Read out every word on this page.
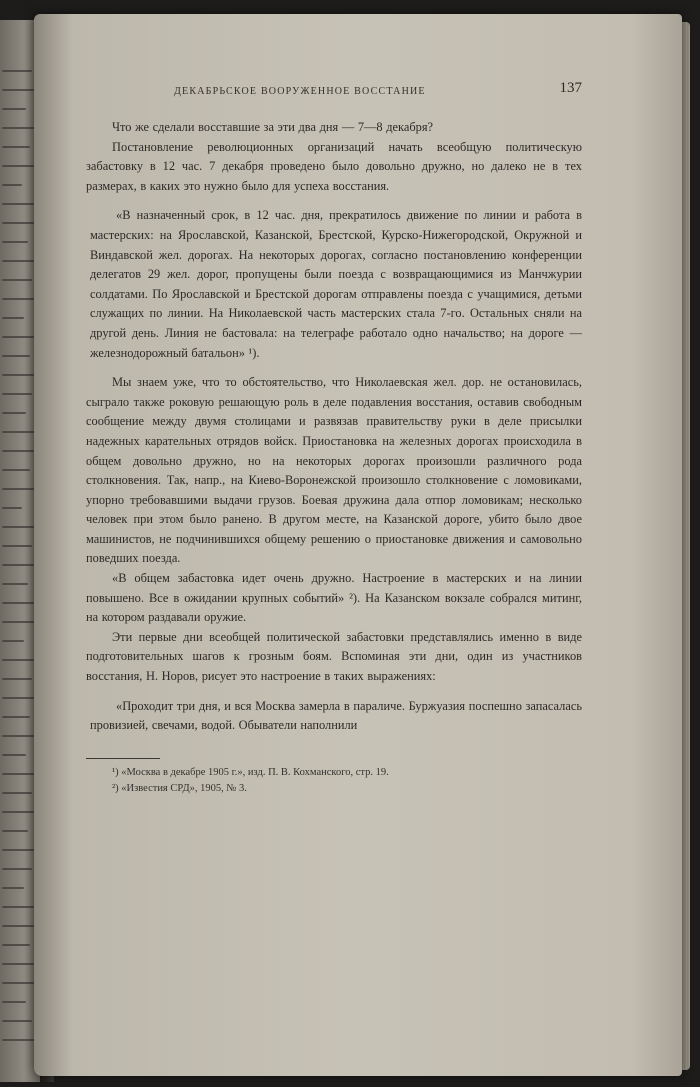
ДЕКАБРЬСКОЕ ВООРУЖЕННОЕ ВОССТАНИЕ	137

Что же сделали восставшие за эти два дня — 7—8 декабря?

Постановление революционных организаций начать всеобщую политическую забастовку в 12 час. 7 декабря проведено было довольно дружно, но далеко не в тех размерах, в каких это нужно было для успеха восстания.

«В назначенный срок, в 12 час. дня, прекратилось движение по линии и работа в мастерских: на Ярославской, Казанской, Брестской, Курско-Нижегородской, Окружной и Виндавской жел. дорогах. На некоторых дорогах, согласно постановлению конференции делегатов 29 жел. дорог, пропущены были поезда с возвращающимися из Манчжурии солдатами. По Ярославской и Брестской дорогам отправлены поезда с учащимися, детьми служащих по линии. На Николаевской часть мастерских стала 7-го. Остальных сняли на другой день. Линия не бастовала: на телеграфе работало одно начальство; на дороге — железнодорожный батальон» ¹).

Мы знаем уже, что то обстоятельство, что Николаевская жел. дор. не остановилась, сыграло также роковую решающую роль в деле подавления восстания, оставив свободным сообщение между двумя столицами и развязав правительству руки в деле присылки надежных карательных отрядов войск. Приостановка на железных дорогах происходила в общем довольно дружно, но на некоторых дорогах произошли различного рода столкновения. Так, напр., на Киево-Воронежской произошло столкновение с ломовиками, упорно требовавшими выдачи грузов. Боевая дружина дала отпор ломовикам; несколько человек при этом было ранено. В другом месте, на Казанской дороге, убито было двое машинистов, не подчинившихся общему решению о приостановке движения и самовольно поведших поезда.

«В общем забастовка идет очень дружно. Настроение в мастерских и на линии повышено. Все в ожидании крупных событий» ²). На Казанском вокзале собрался митинг, на котором раздавали оружие.

Эти первые дни всеобщей политической забастовки представлялись именно в виде подготовительных шагов к грозным боям. Вспоминая эти дни, один из участников восстания, Н. Норов, рисует это настроение в таких выражениях:

«Проходит три дня, и вся Москва замерла в параличе. Буржуазия поспешно запасалась провизией, свечами, водой. Обыватели наполнили

¹) «Москва в декабре 1905 г.», изд. П. В. Кохманского, стр. 19.
²) «Известия СРД», 1905, № 3.
